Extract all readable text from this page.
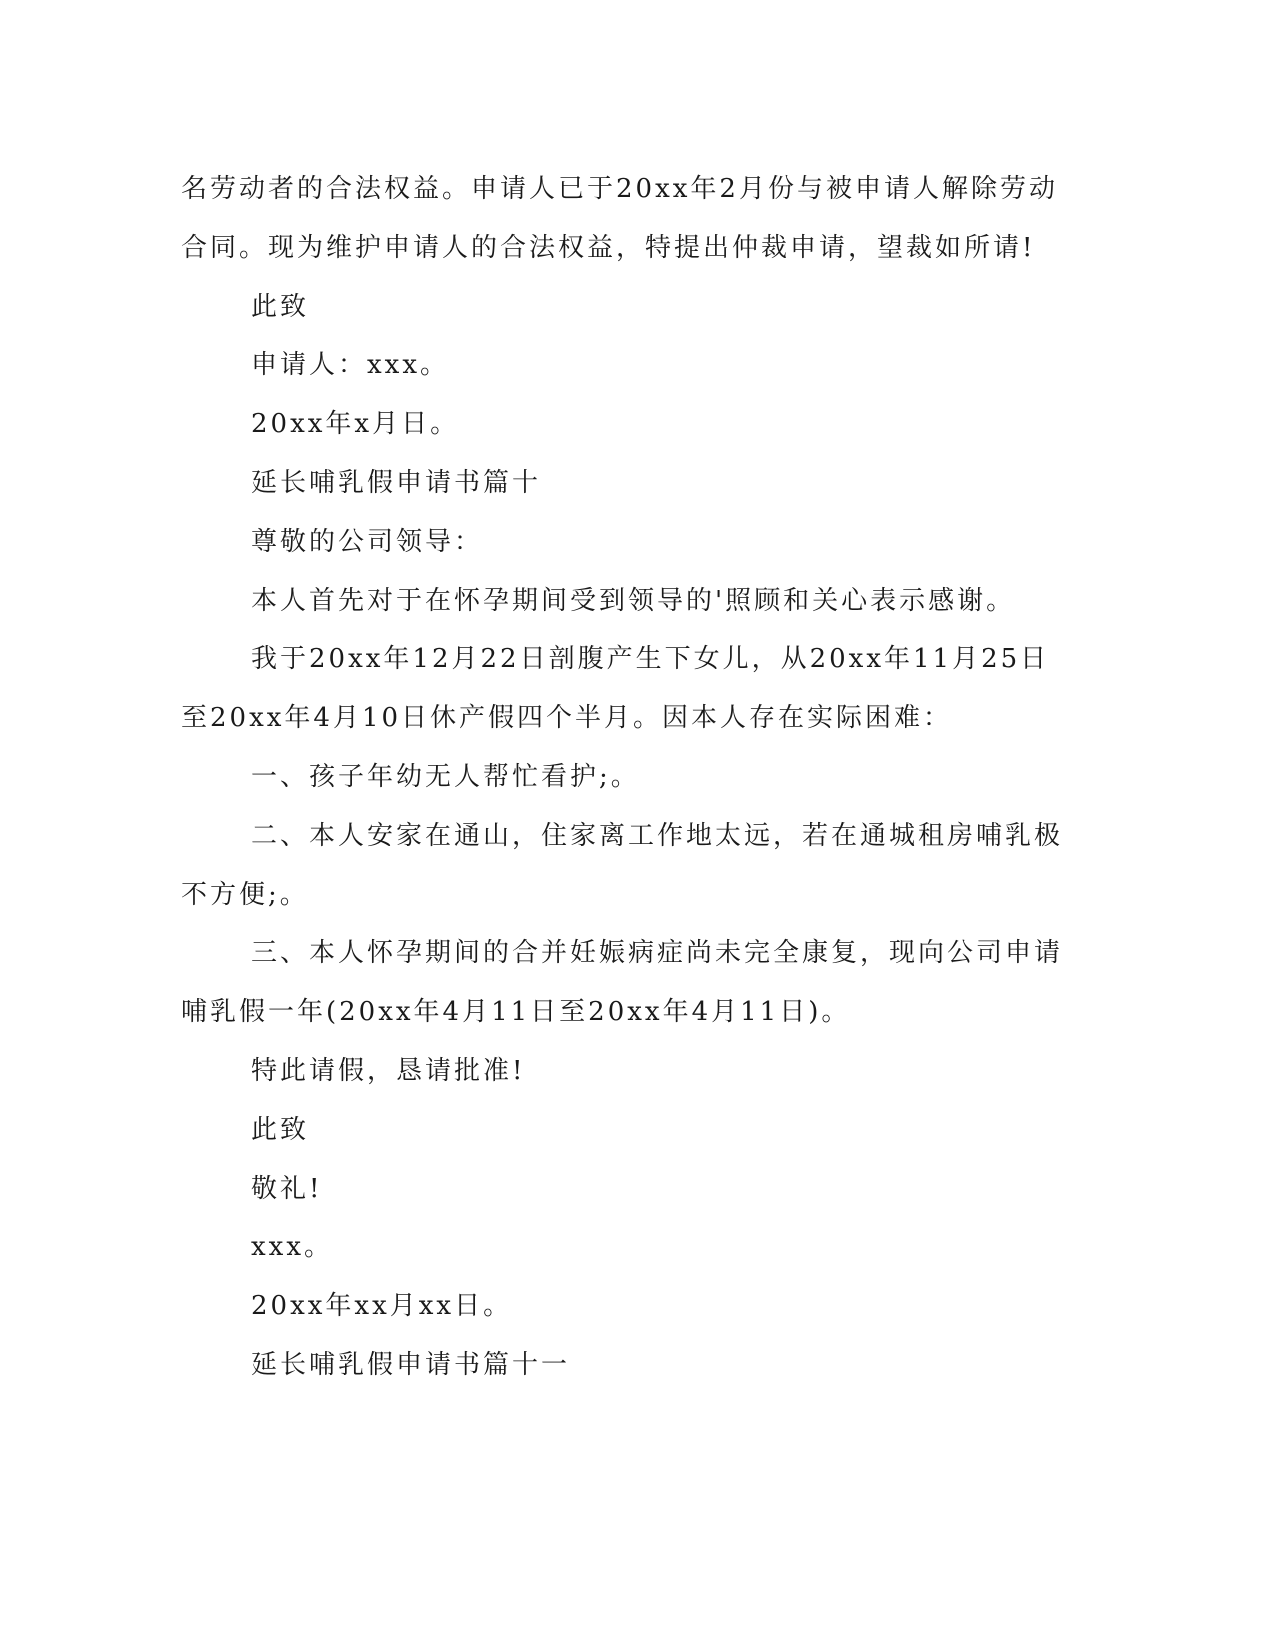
名劳动者的合法权益。申请人已于20xx年2月份与被申请人解除劳动
合同。现为维护申请人的合法权益，特提出仲裁申请，望裁如所请!
此致
申请人：xxx。
20xx年x月日。
延长哺乳假申请书篇十
尊敬的公司领导：
本人首先对于在怀孕期间受到领导的'照顾和关心表示感谢。
我于20xx年12月22日剖腹产生下女儿，从20xx年11月25日
至20xx年4月10日休产假四个半月。因本人存在实际困难：
一、孩子年幼无人帮忙看护;。
二、本人安家在通山，住家离工作地太远，若在通城租房哺乳极
不方便;。
三、本人怀孕期间的合并妊娠病症尚未完全康复，现向公司申请
哺乳假一年(20xx年4月11日至20xx年4月11日)。
特此请假，恳请批准!
此致
敬礼!
xxx。
20xx年xx月xx日。
延长哺乳假申请书篇十一
